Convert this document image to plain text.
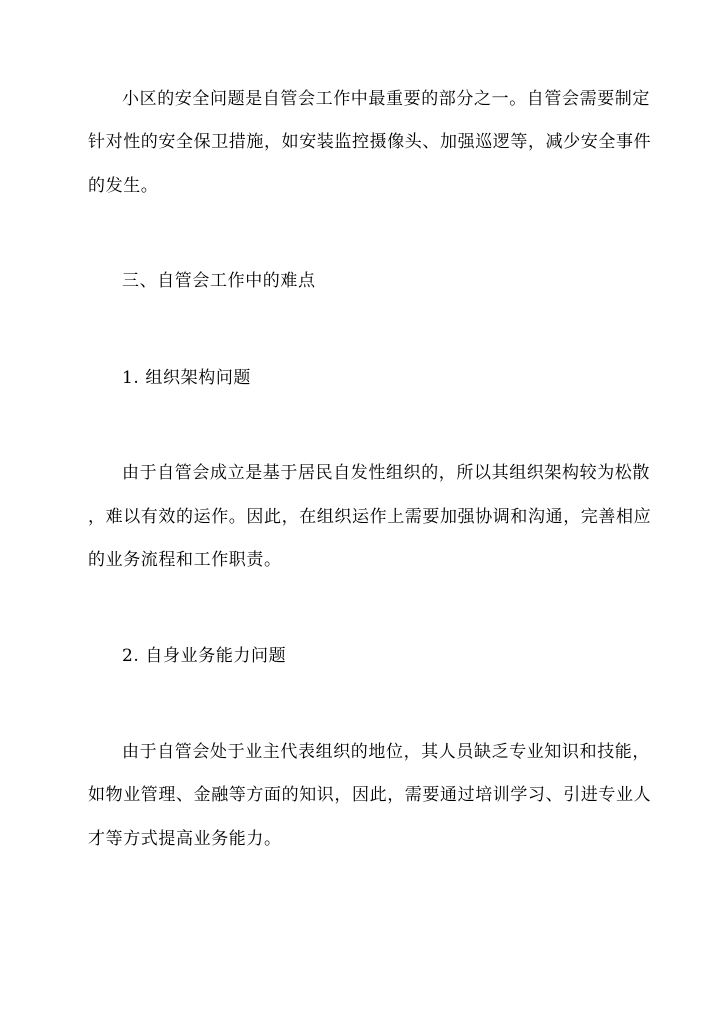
小区的安全问题是自管会工作中最重要的部分之一。自管会需要制定
针对性的安全保卫措施，如安装监控摄像头、加强巡逻等，减少安全事件
的发生。
三、自管会工作中的难点
1. 组织架构问题
由于自管会成立是基于居民自发性组织的，所以其组织架构较为松散
，难以有效的运作。因此，在组织运作上需要加强协调和沟通，完善相应
的业务流程和工作职责。
2. 自身业务能力问题
由于自管会处于业主代表组织的地位，其人员缺乏专业知识和技能，
如物业管理、金融等方面的知识，因此，需要通过培训学习、引进专业人
才等方式提高业务能力。
